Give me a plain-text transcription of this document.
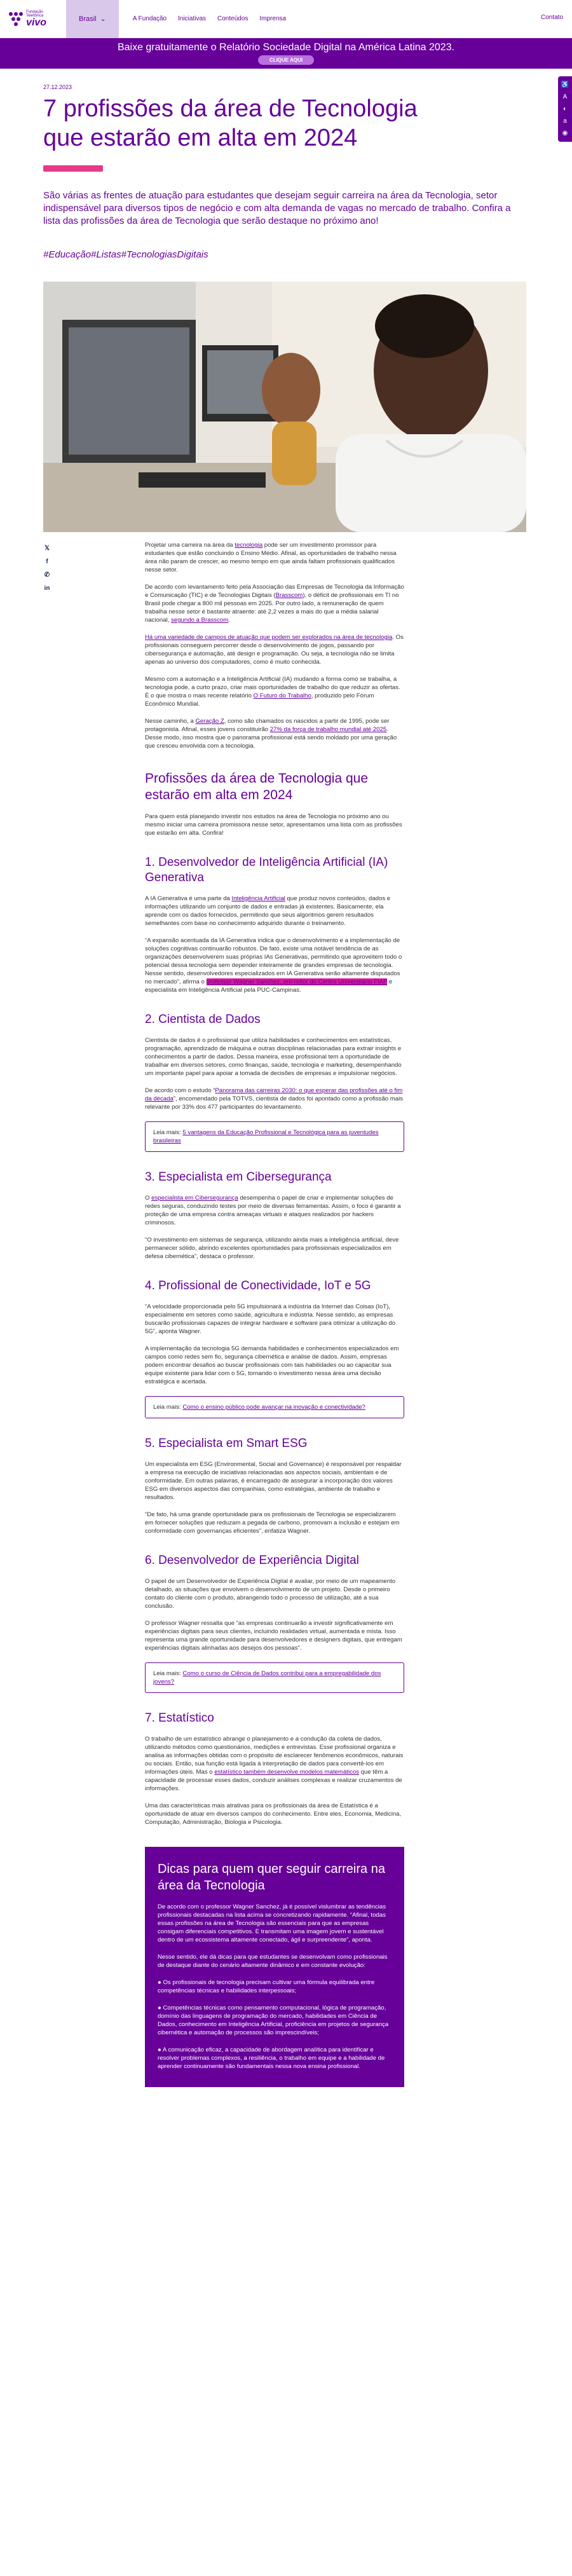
Fundação Telefônica
vivo	Brasil ⌄	A Fundação Iniciativas Conteúdos Imprensa	Contato
Baixe gratuitamente o Relatório Sociedade Digital na América Latina 2023.
CLIQUE AQUI
♿
A
◐
a
◉
27.12.2023
7 profissões da área de Tecnologia que estarão em alta em 2024

São várias as frentes de atuação para estudantes que desejam seguir carreira na área da Tecnologia, setor indispensável para diversos tipos de negócio e com alta demanda de vagas no mercado de trabalho. Confira a lista das profissões da área de Tecnologia que serão destaque no próximo ano!

#Educação#Listas#TecnologiasDigitais

𝕏
f
✆
in

Projetar uma carreira na área da tecnologia pode ser um investimento promissor para estudantes que estão concluindo o Ensino Médio. Afinal, as oportunidades de trabalho nessa área não param de crescer, ao mesmo tempo em que ainda faltam profissionais qualificados nesse setor.

De acordo com levantamento feito pela Associação das Empresas de Tecnologia da Informação e Comunicação (TIC) e de Tecnologias Digitais (Brasscom), o déficit de profissionais em TI no Brasil pode chegar a 800 mil pessoas em 2025. Por outro lado, a remuneração de quem trabalha nesse setor é bastante atraente: até 2,2 vezes a mais do que a média salarial nacional, segundo a Brasscom.

Há uma variedade de campos de atuação que podem ser explorados na área de tecnologia. Os profissionais conseguem percorrer desde o desenvolvimento de jogos, passando por cibersegurança e automação, até design e programação. Ou seja, a tecnologia não se limita apenas ao universo dos computadores, como é muito conhecida.

Mesmo com a automação e a Inteligência Artificial (IA) mudando a forma como se trabalha, a tecnologia pode, a curto prazo, criar mais oportunidades de trabalho do que reduzir as ofertas. É o que mostra o mais recente relatório O Futuro do Trabalho, produzido pelo Fórum Econômico Mundial.

Nesse caminho, a Geração Z, como são chamados os nascidos a partir de 1995, pode ser protagonista. Afinal, esses jovens constituirão 27% da força de trabalho mundial até 2025. Desse modo, isso mostra que o panorama profissional está sendo moldado por uma geração que cresceu envolvida com a tecnologia.

Profissões da área de Tecnologia que estarão em alta em 2024

Para quem está planejando investir nos estudos na área de Tecnologia no próximo ano ou mesmo iniciar uma carreira promissora nesse setor, apresentamos uma lista com as profissões que estarão em alta. Confira!

1. Desenvolvedor de Inteligência Artificial (IA) Generativa

A IA Generativa é uma parte da Inteligência Artificial que produz novos conteúdos, dados e informações utilizando um conjunto de dados e entradas já existentes. Basicamente, ela aprende com os dados fornecidos, permitindo que seus algoritmos gerem resultados semelhantes com base no conhecimento adquirido durante o treinamento.

“A expansão acentuada da IA Generativa indica que o desenvolvimento e a implementação de soluções cognitivas continuarão robustos. De fato, existe uma notável tendência de as organizações desenvolverem suas próprias IAs Generativas, permitindo que aproveitem todo o potencial dessa tecnologia sem depender inteiramente de grandes empresas de tecnologia. Nesse sentido, desenvolvedores especializados em IA Generativa serão altamente disputados no mercado”, afirma o professor Wagner Sanchez, pró-reitor do Centro Universitário FIAP e especialista em Inteligência Artificial pela PUC-Campinas.

2. Cientista de Dados

Cientista de dados é o profissional que utiliza habilidades e conhecimentos em estatísticas, programação, aprendizado de máquina e outras disciplinas relacionadas para extrair insights e conhecimentos a partir de dados. Dessa maneira, esse profissional tem a oportunidade de trabalhar em diversos setores, como finanças, saúde, tecnologia e marketing, desempenhando um importante papel para apoiar a tomada de decisões de empresas e impulsionar negócios.

De acordo com o estudo “Panorama das carreiras 2030: o que esperar das profissões até o fim da década”, encomendado pela TOTVS, cientista de dados foi apontado como a profissão mais relevante por 33% dos 477 participantes do levantamento.

Leia mais: 5 vantagens da Educação Profissional e Tecnológica para as juventudes brasileiras
3. Especialista em Cibersegurança

O especialista em Cibersegurança desempenha o papel de criar e implementar soluções de redes seguras, conduzindo testes por meio de diversas ferramentas. Assim, o foco é garantir a proteção de uma empresa contra ameaças virtuais e ataques realizados por hackers criminosos.

“O investimento em sistemas de segurança, utilizando ainda mais a inteligência artificial, deve permanecer sólido, abrindo excelentes oportunidades para profissionais especializados em defesa cibernética”, destaca o professor.

4. Profissional de Conectividade, IoT e 5G

“A velocidade proporcionada pelo 5G impulsionará a indústria da Internet das Coisas (IoT), especialmente em setores como saúde, agricultura e indústria. Nesse sentido, as empresas buscarão profissionais capazes de integrar hardware e software para otimizar a utilização do 5G”, aponta Wagner.

A implementação da tecnologia 5G demanda habilidades e conhecimentos especializados em campos como redes sem fio, segurança cibernética e análise de dados. Assim, empresas podem encontrar desafios ao buscar profissionais com tais habilidades ou ao capacitar sua equipe existente para lidar com o 5G, tornando o investimento nessa área uma decisão estratégica e acertada.

Leia mais: Como o ensino público pode avançar na inovação e conectividade?
5. Especialista em Smart ESG

Um especialista em ESG (Environmental, Social and Governance) é responsável por respaldar a empresa na execução de iniciativas relacionadas aos aspectos sociais, ambientais e de conformidade. Em outras palavras, é encarregado de assegurar a incorporação dos valores ESG em diversos aspectos das companhias, como estratégias, ambiente de trabalho e resultados.

“De fato, há uma grande oportunidade para os profissionais de Tecnologia se especializarem em fornecer soluções que reduzam a pegada de carbono, promovam a inclusão e estejam em conformidade com governanças eficientes”, enfatiza Wagner.

6. Desenvolvedor de Experiência Digital

O papel de um Desenvolvedor de Experiência Digital é avaliar, por meio de um mapeamento detalhado, as situações que envolvem o desenvolvimento de um projeto. Desde o primeiro contato do cliente com o produto, abrangendo todo o processo de utilização, até a sua conclusão.

O professor Wagner ressalta que “as empresas continuarão a investir significativamente em experiências digitais para seus clientes, incluindo realidades virtual, aumentada e mista. Isso representa uma grande oportunidade para desenvolvedores e designers digitais, que entregam experiências digitais alinhadas aos desejos dos pessoas”.

Leia mais: Como o curso de Ciência de Dados contribui para a empregabilidade dos jovens?
7. Estatístico

O trabalho de um estatístico abrange o planejamento e a condução da coleta de dados, utilizando métodos como questionários, medições e entrevistas. Esse profissional organiza e analisa as informações obtidas com o propósito de esclarecer fenômenos econômicos, naturais ou sociais. Então, sua função está ligada à interpretação de dados para convertê-los em informações úteis. Mas o estatístico também desenvolve modelos matemáticos que têm a capacidade de processar esses dados, conduzir análises complexas e realizar cruzamentos de informações.

Uma das características mais atrativas para os profissionais da área de Estatística é a oportunidade de atuar em diversos campos do conhecimento. Entre eles, Economia, Medicina, Computação, Administração, Biologia e Psicologia.

Dicas para quem quer seguir carreira na área da Tecnologia

De acordo com o professor Wagner Sanchez, já é possível vislumbrar as tendências profissionais destacadas na lista acima se concretizando rapidamente. “Afinal, todas essas profissões na área de Tecnologia são essenciais para que as empresas consigam diferenciais competitivos. E transmitam uma imagem jovem e sustentável dentro de um ecossistema altamente conectado, ágil e surpreendente”, aponta.

Nesse sentido, ele dá dicas para que estudantes se desenvolvam como profissionais de destaque diante do cenário altamente dinâmico e em constante evolução:

● Os profissionais de tecnologia precisam cultivar uma fórmula equilibrada entre competências técnicas e habilidades interpessoais;

● Competências técnicas como pensamento computacional, lógica de programação, domínio das linguagens de programação do mercado, habilidades em Ciência de Dados, conhecimento em Inteligência Artificial, proficiência em projetos de segurança cibernética e automação de processos são imprescindíveis;

● A comunicação eficaz, a capacidade de abordagem analítica para identificar e resolver problemas complexos, a resiliência, o trabalho em equipe e a habilidade de aprender continuamente são fundamentais nessa nova ensina profissional.
